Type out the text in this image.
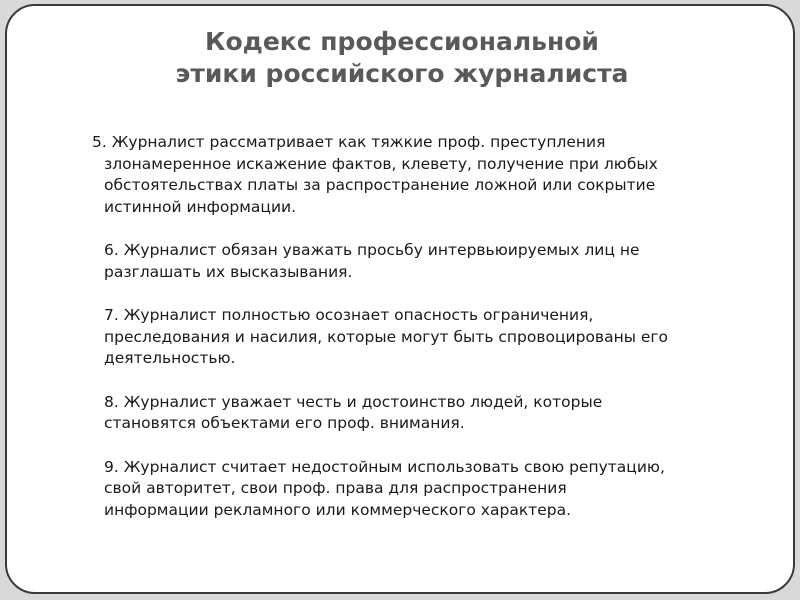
Кодекс профессиональной
этики российского журналиста
5. Журналист рассматривает как тяжкие проф. преступления
злонамеренное искажение фактов, клевету, получение при любых
обстоятельствах платы за распространение ложной или сокрытие
истинной информации.
6. Журналист обязан уважать просьбу интервьюируемых лиц не
разглашать их высказывания.
7. Журналист полностью осознает опасность ограничения,
преследования и насилия, которые могут быть спровоцированы его
деятельностью.
8. Журналист уважает честь и достоинство людей, которые
становятся объектами его проф. внимания.
9. Журналист считает недостойным использовать свою репутацию,
свой авторитет, свои проф. права для распространения
информации рекламного или коммерческого характера.
